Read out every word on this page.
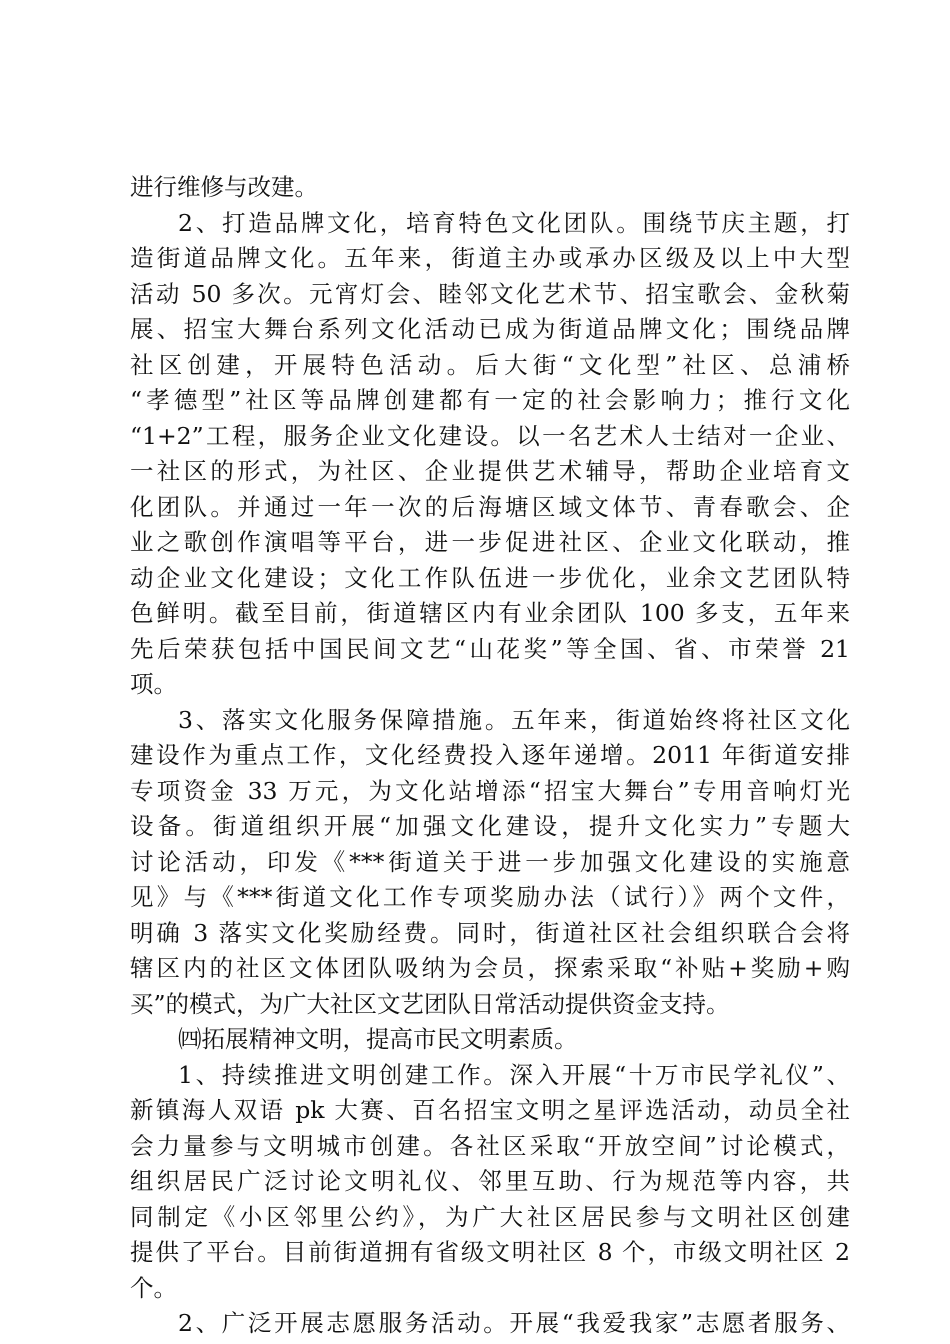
进行维修与改建。
2、打造品牌文化，培育特色文化团队。围绕节庆主题，打
造街道品牌文化。五年来，街道主办或承办区级及以上中大型
活动 50 多次。元宵灯会、睦邻文化艺术节、招宝歌会、金秋菊
展、招宝大舞台系列文化活动已成为街道品牌文化；围绕品牌
社区创建，开展特色活动。后大街“文化型”社区、总浦桥
“孝德型”社区等品牌创建都有一定的社会影响力；推行文化
“1+2”工程，服务企业文化建设。以一名艺术人士结对一企业、
一社区的形式，为社区、企业提供艺术辅导，帮助企业培育文
化团队。并通过一年一次的后海塘区域文体节、青春歌会、企
业之歌创作演唱等平台，进一步促进社区、企业文化联动，推
动企业文化建设；文化工作队伍进一步优化，业余文艺团队特
色鲜明。截至目前，街道辖区内有业余团队 100 多支，五年来
先后荣获包括中国民间文艺“山花奖”等全国、省、市荣誉 21
项。
3、落实文化服务保障措施。五年来，街道始终将社区文化
建设作为重点工作，文化经费投入逐年递增。2011 年街道安排
专项资金 33 万元，为文化站增添“招宝大舞台”专用音响灯光
设备。街道组织开展“加强文化建设，提升文化实力”专题大
讨论活动，印发《***街道关于进一步加强文化建设的实施意
见》与《***街道文化工作专项奖励办法（试行）》两个文件，
明确 3 落实文化奖励经费。同时，街道社区社会组织联合会将
辖区内的社区文体团队吸纳为会员，探索采取“补贴+奖励+购
买”的模式，为广大社区文艺团队日常活动提供资金支持。
㈣拓展精神文明，提高市民文明素质。
1、持续推进文明创建工作。深入开展“十万市民学礼仪”、
新镇海人双语 pk 大赛、百名招宝文明之星评选活动，动员全社
会力量参与文明城市创建。各社区采取“开放空间”讨论模式，
组织居民广泛讨论文明礼仪、邻里互助、行为规范等内容，共
同制定《小区邻里公约》，为广大社区居民参与文明社区创建
提供了平台。目前街道拥有省级文明社区 8 个，市级文明社区 2
个。
2、广泛开展志愿服务活动。开展“我爱我家”志愿者服务、
